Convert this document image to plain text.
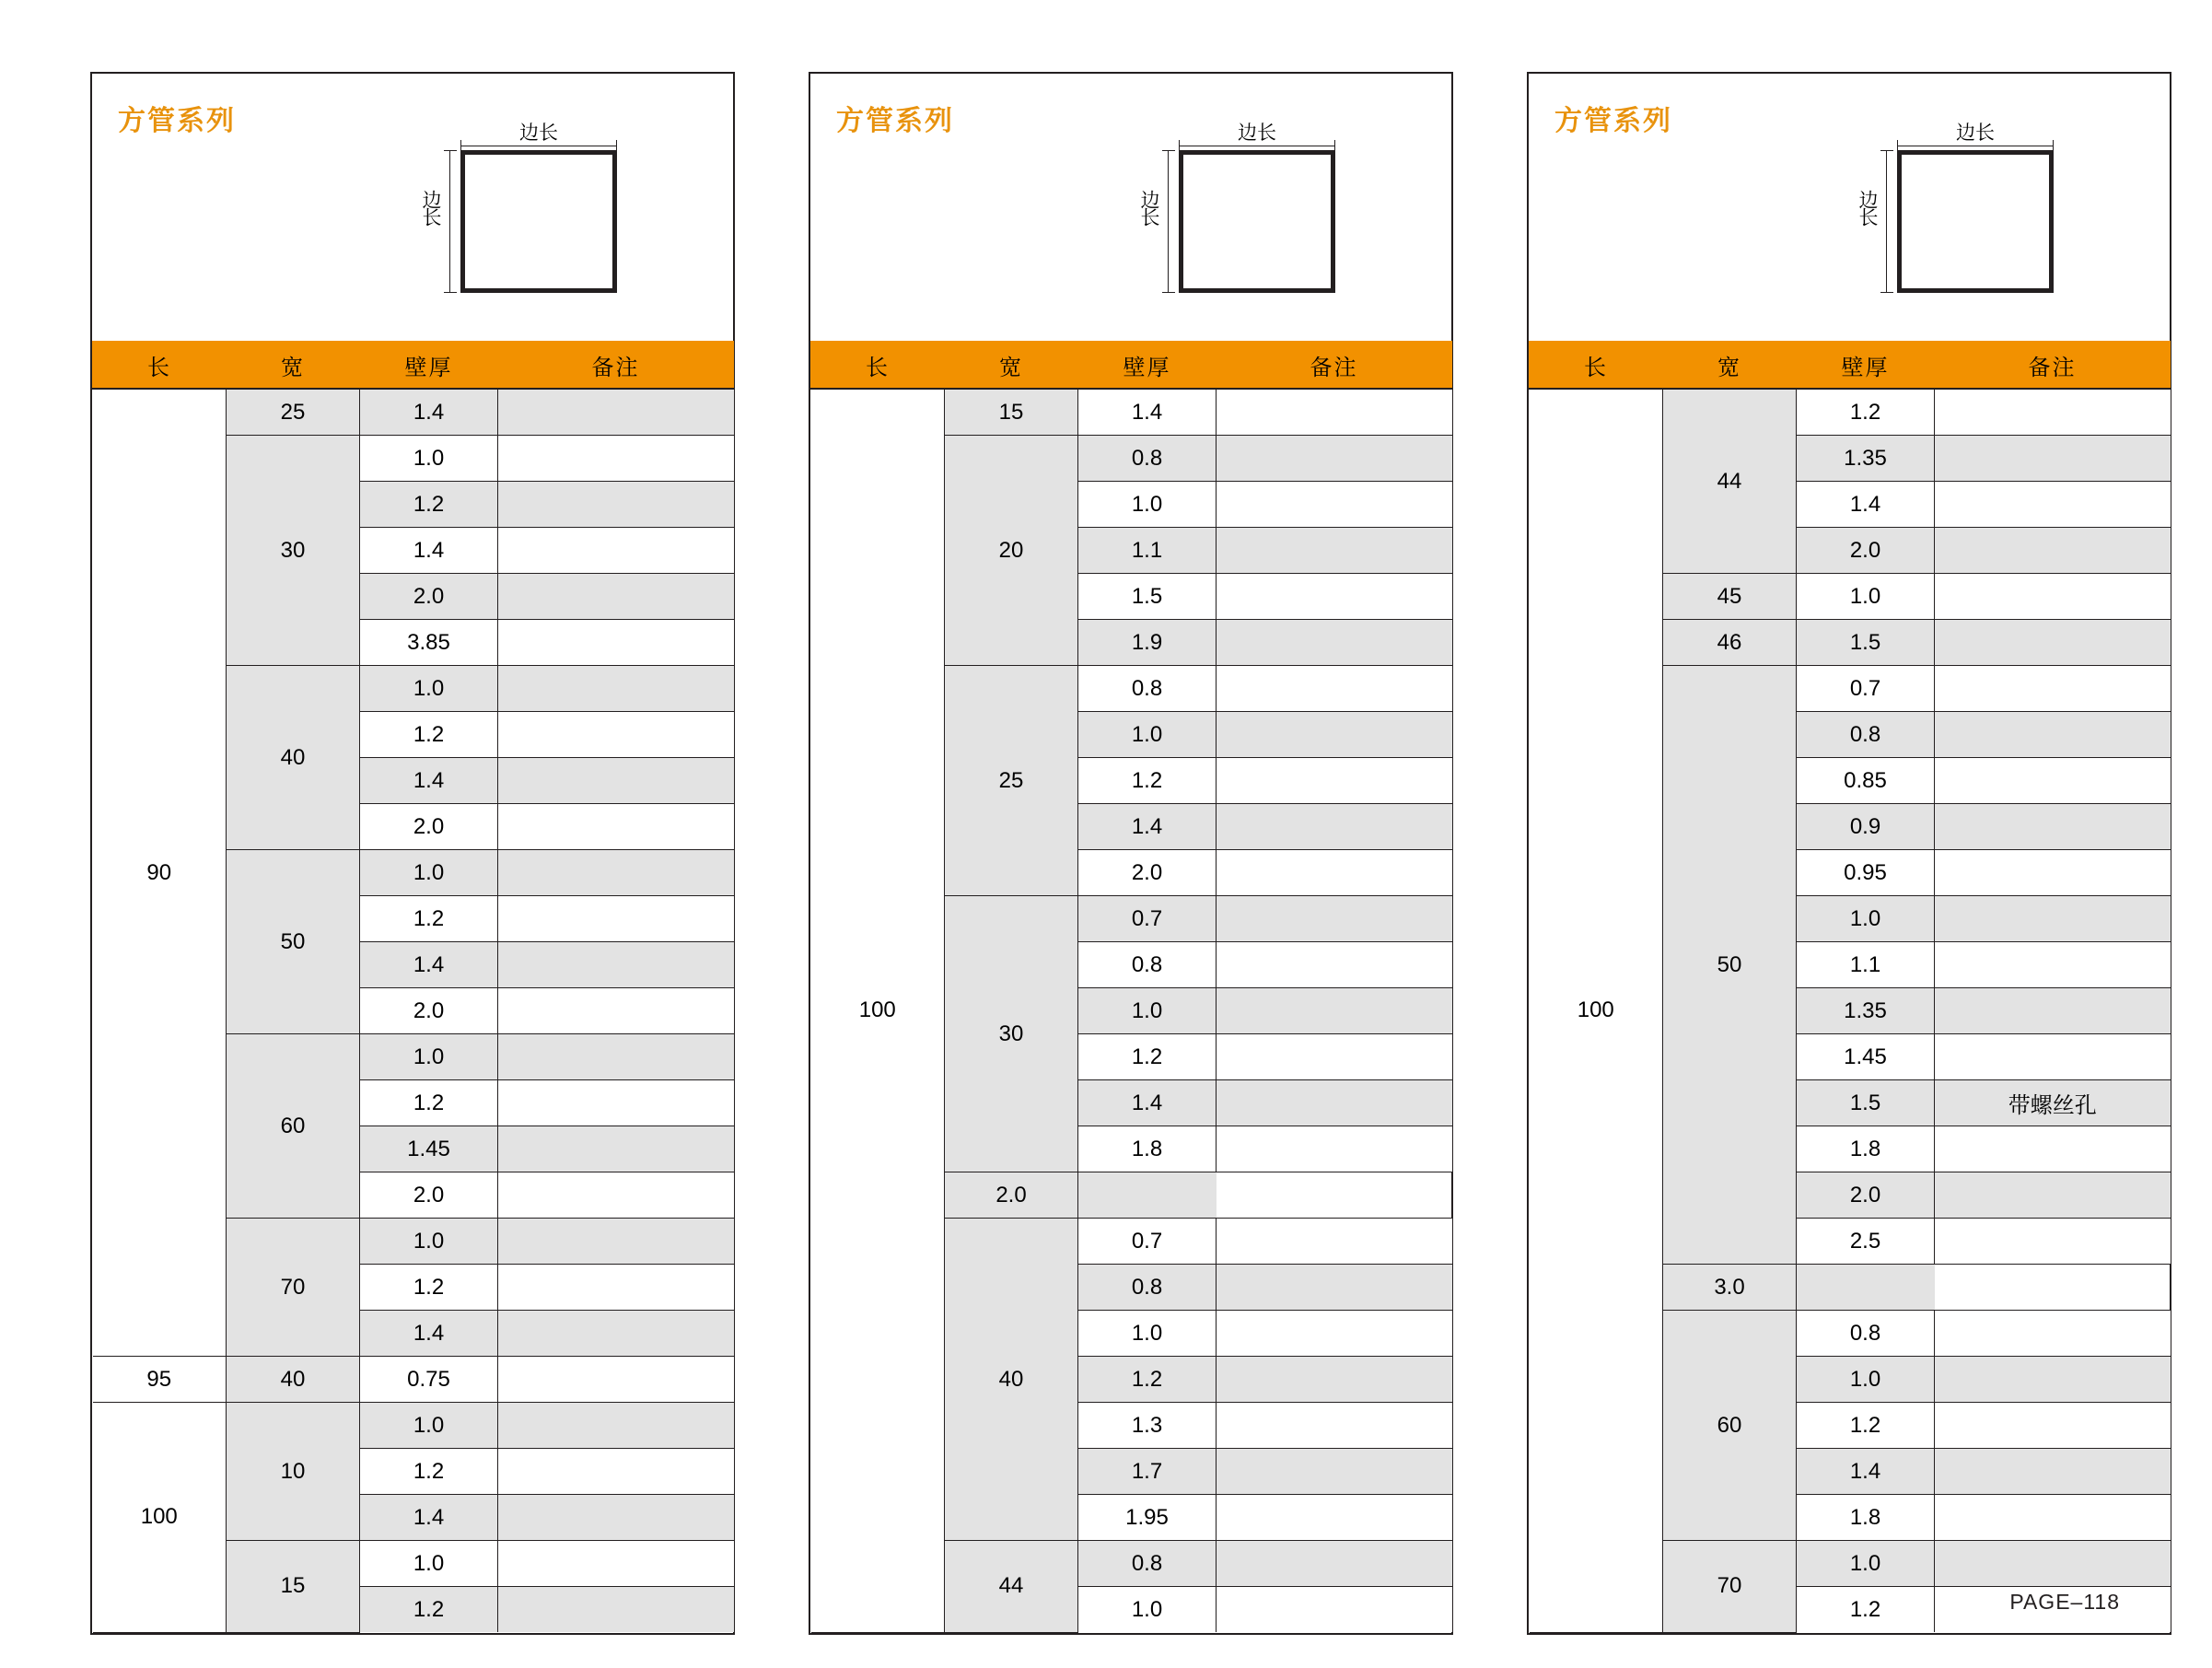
方管系列	边长
边长
长	宽	壁厚	备注
90	25	1.4	
	30	1.0	
		1.2	
		1.4	
		2.0	
		3.85	
	40	1.0	
		1.2	
		1.4	
		2.0	
	50	1.0	
		1.2	
		1.4	
		2.0	
	60	1.0	
		1.2	
		1.45	
		2.0	
	70	1.0	
		1.2	
		1.4	
95	40	0.75	
100	10	1.0	
		1.2	
		1.4	
	15	1.0	
		1.2	
方管系列	边长
边长
长	宽	壁厚	备注
100	15	1.4	
	20	0.8	
		1.0	
		1.1	
		1.5	
		1.9	
	25	0.8	
		1.0	
		1.2	
		1.4	
		2.0	
	30	0.7	
		0.8	
		1.0	
		1.2	
		1.4	
		1.8	
	2.0		
	40	0.7	
		0.8	
		1.0	
		1.2	
		1.3	
		1.7	
		1.95	
	44	0.8	
		1.0	
方管系列	边长
边长
长	宽	壁厚	备注
100	44	1.2	
		1.35	
		1.4	
		2.0	
	45	1.0	
	46	1.5	
	50	0.7	
		0.8	
		0.85	
		0.9	
		0.95	
		1.0	
		1.1	
		1.35	
		1.45	
		1.5	带螺丝孔
		1.8	
		2.0	
		2.5	
	3.0		
	60	0.8	
		1.0	
		1.2	
		1.4	
		1.8	
	70	1.0	
		1.2		PAGE–118
